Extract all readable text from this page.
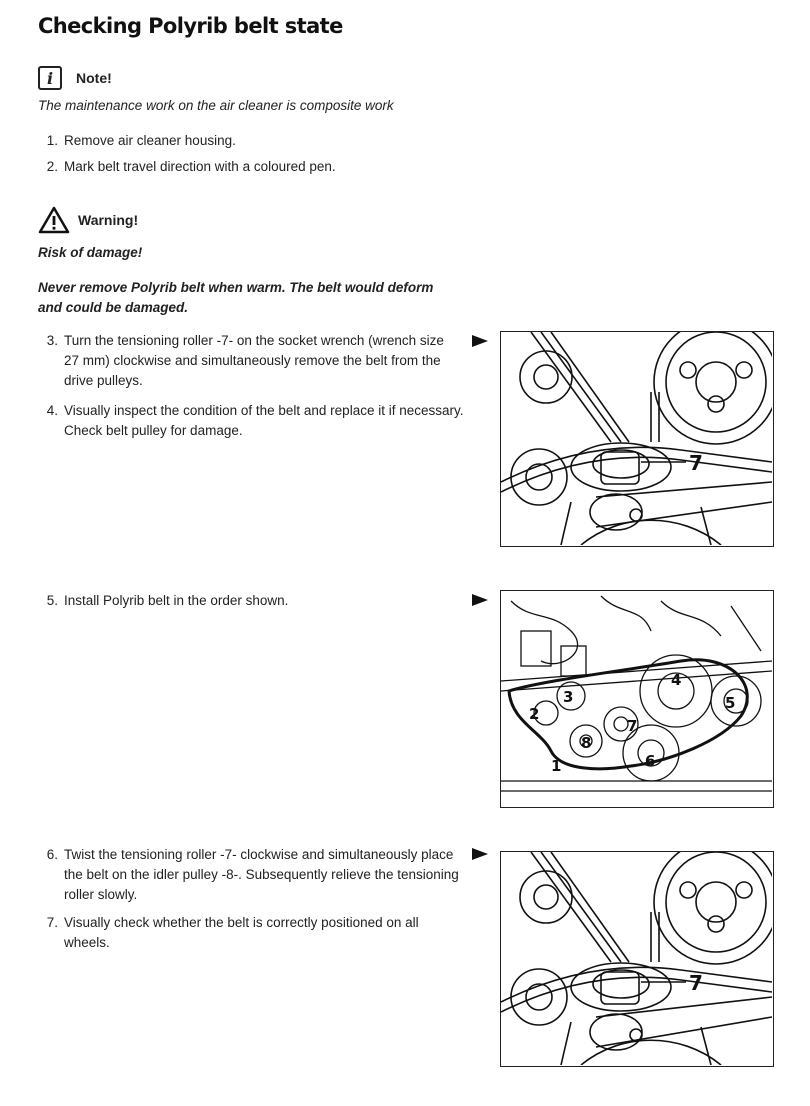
Checking Polyrib belt state
i	Note!
The maintenance work on the air cleaner is composite work
1. Remove air cleaner housing.
2. Mark belt travel direction with a coloured pen.
Warning!
Risk of damage!
Never remove Polyrib belt when warm. The belt would deform and could be damaged.
3. Turn the tensioning roller -7- on the socket wrench (wrench size 27 mm) clockwise and simultaneously remove the belt from the drive pulleys.
4. Visually inspect the condition of the belt and replace it if necessary. Check belt pulley for damage.
5. Install Polyrib belt in the order shown.
6. Twist the tensioning roller -7- clockwise and simultaneously place the belt on the idler pulley -8-. Subsequently relieve the tensioning roller slowly.
7. Visually check whether the belt is correctly positioned on all wheels.
7
1
2
3
4
5
6
7
8
7
